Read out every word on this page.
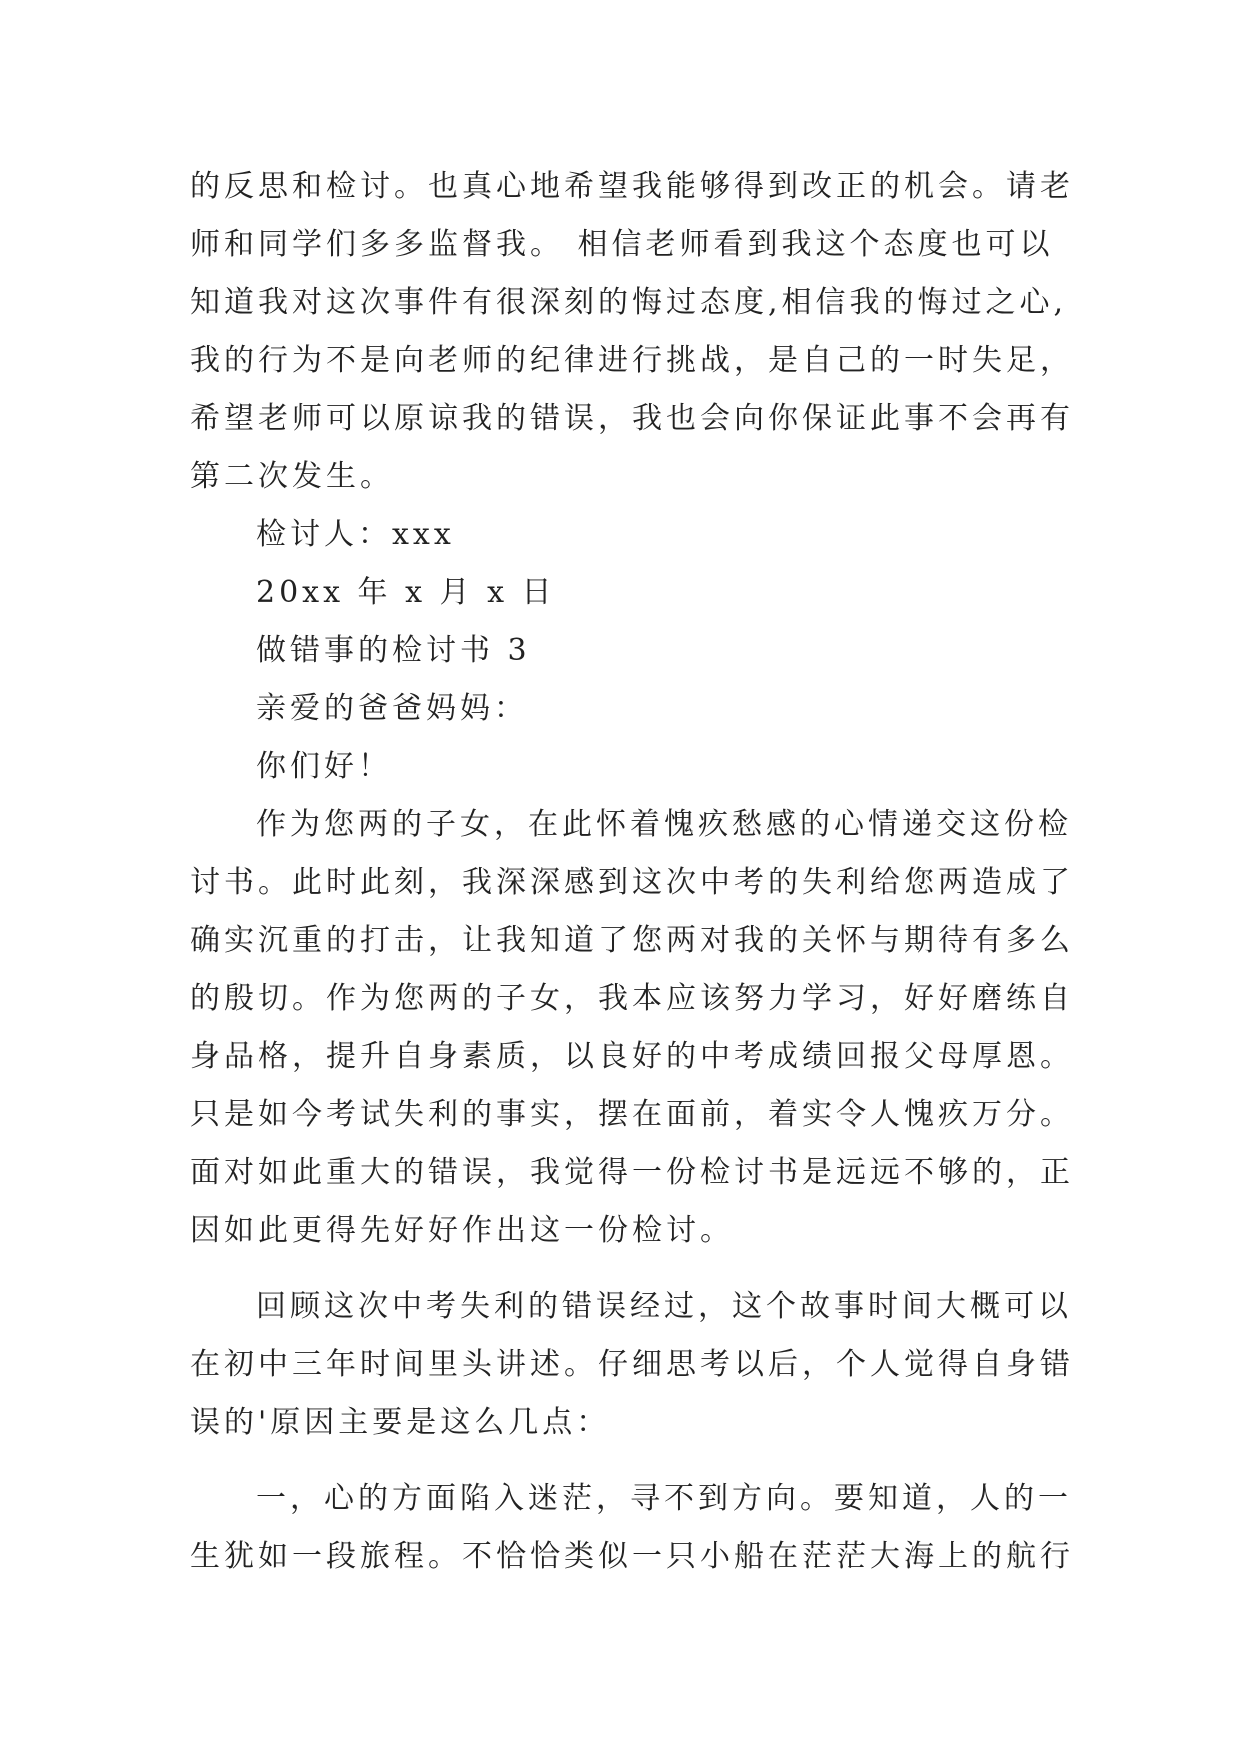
的反思和检讨。也真心地希望我能够得到改正的机会。请老
师和同学们多多监督我。 相信老师看到我这个态度也可以
知道我对这次事件有很深刻的悔过态度,相信我的悔过之心,
我的行为不是向老师的纪律进行挑战，是自己的一时失足，
希望老师可以原谅我的错误，我也会向你保证此事不会再有
第二次发生。
检讨人：xxx
20xx 年 x 月 x 日
做错事的检讨书 3
亲爱的爸爸妈妈：
你们好！
作为您两的子女，在此怀着愧疚愁感的心情递交这份检
讨书。此时此刻，我深深感到这次中考的失利给您两造成了
确实沉重的打击，让我知道了您两对我的关怀与期待有多么
的殷切。作为您两的子女，我本应该努力学习，好好磨练自
身品格，提升自身素质，以良好的中考成绩回报父母厚恩。
只是如今考试失利的事实，摆在面前，着实令人愧疚万分。
面对如此重大的错误，我觉得一份检讨书是远远不够的，正
因如此更得先好好作出这一份检讨。
回顾这次中考失利的错误经过，这个故事时间大概可以
在初中三年时间里头讲述。仔细思考以后，个人觉得自身错
误的'原因主要是这么几点：
一，心的方面陷入迷茫，寻不到方向。要知道，人的一
生犹如一段旅程。不恰恰类似一只小船在茫茫大海上的航行
